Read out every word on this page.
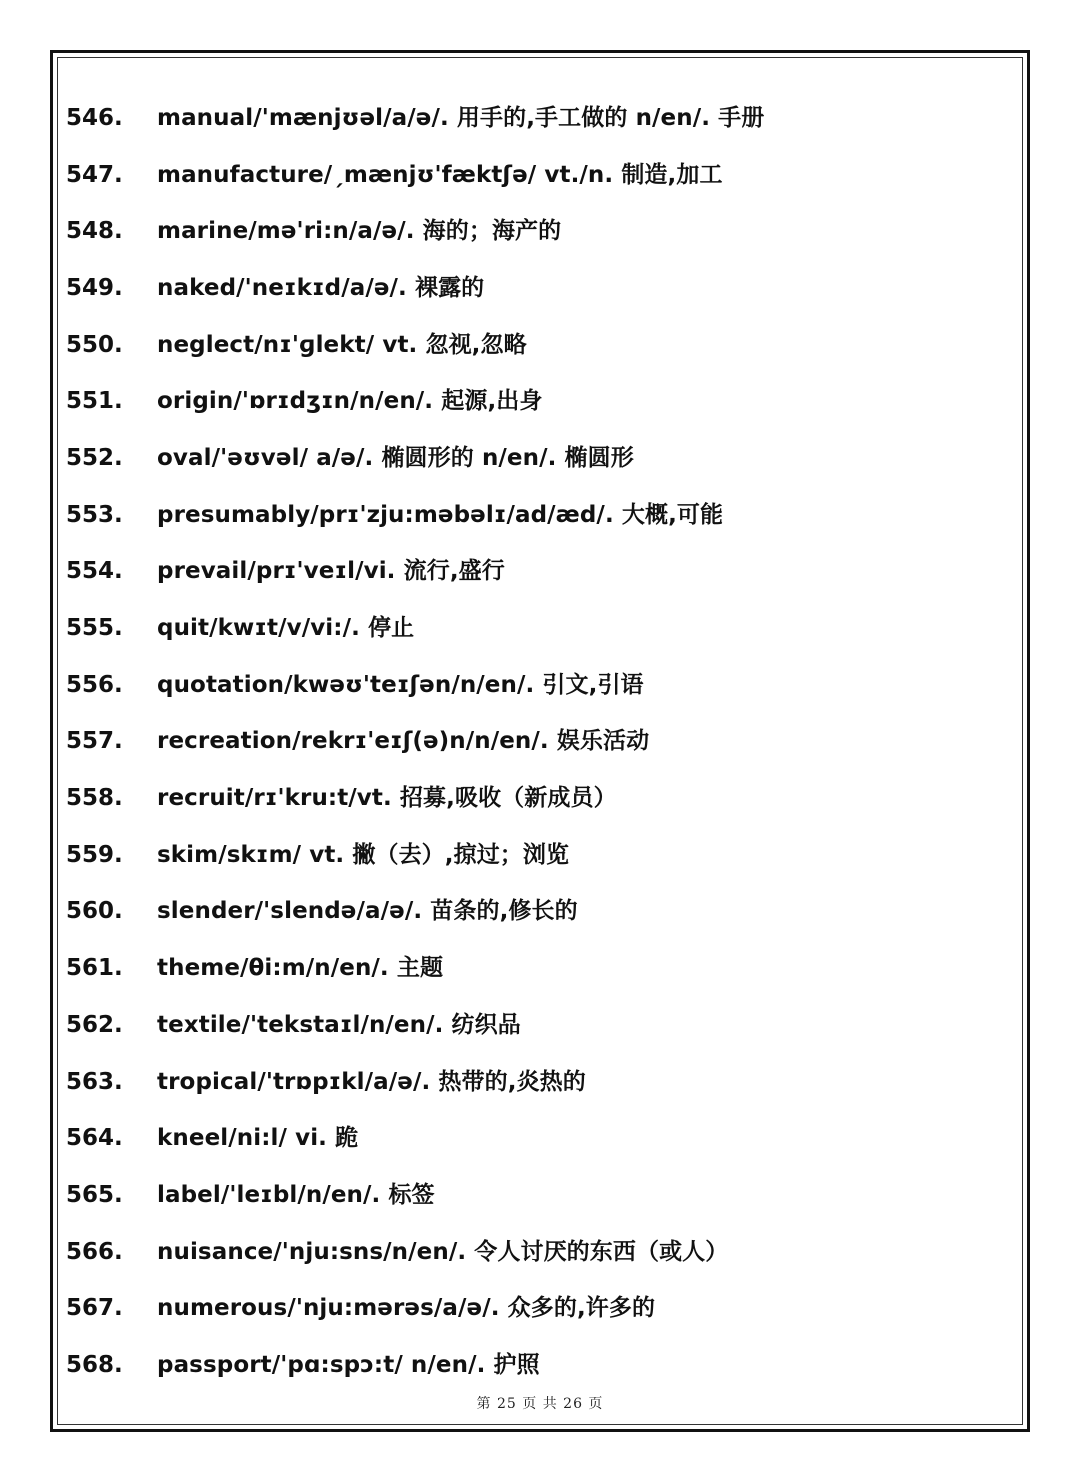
546.	manual/'mænjʊəl/a/ə/. 用手的,手工做的 n/en/. 手册
547.	manufacture/ˏmænjʊ'fæktʃə/ vt./n. 制造,加工
548.	marine/mə'ri:n/a/ə/. 海的；海产的
549.	naked/'neɪkɪd/a/ə/. 裸露的
550.	neglect/nɪ'ɡlekt/ vt. 忽视,忽略
551.	origin/'ɒrɪdʒɪn/n/en/. 起源,出身
552.	oval/'əʊvəl/ a/ə/. 椭圆形的 n/en/. 椭圆形
553.	presumably/prɪ'zju:məbəlɪ/ad/æd/. 大概,可能
554.	prevail/prɪ'veɪl/vi. 流行,盛行
555.	quit/kwɪt/v/vi:/. 停止
556.	quotation/kwəʊ'teɪʃən/n/en/. 引文,引语
557.	recreation/rekrɪ'eɪʃ(ə)n/n/en/. 娱乐活动
558.	recruit/rɪ'kru:t/vt. 招募,吸收（新成员）
559.	skim/skɪm/ vt. 撇（去）,掠过；浏览
560.	slender/'slendə/a/ə/. 苗条的,修长的
561.	theme/θi:m/n/en/. 主题
562.	textile/'tekstaɪl/n/en/. 纺织品
563.	tropical/'trɒpɪkl/a/ə/. 热带的,炎热的
564.	kneel/ni:l/ vi. 跪
565.	label/'leɪbl/n/en/. 标签
566.	nuisance/'nju:sns/n/en/. 令人讨厌的东西（或人）
567.	numerous/'nju:mərəs/a/ə/. 众多的,许多的
568.	passport/'pɑ:spɔ:t/ n/en/. 护照
第 25 页 共 26 页
